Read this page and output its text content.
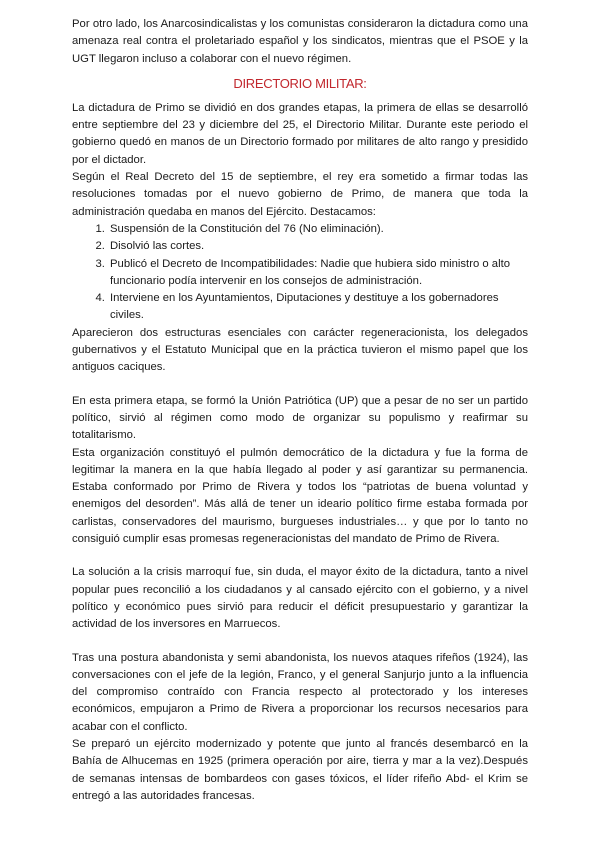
Por otro lado, los Anarcosindicalistas y los comunistas consideraron la dictadura como una amenaza real contra el proletariado español y los sindicatos, mientras que el PSOE y la UGT llegaron incluso a colaborar con el nuevo régimen.

DIRECTORIO MILITAR:

La dictadura de Primo se dividió en dos grandes etapas, la primera de ellas se desarrolló entre septiembre del 23 y diciembre del 25, el Directorio Militar. Durante este periodo el gobierno quedó en manos de un Directorio formado por militares de alto rango y presidido por el dictador.

Según el Real Decreto del 15 de septiembre, el rey era sometido a firmar todas las resoluciones tomadas por el nuevo gobierno de Primo, de manera que toda la administración quedaba en manos del Ejército. Destacamos:

1. Suspensión de la Constitución del 76 (No eliminación).
2. Disolvió las cortes.
3. Publicó el Decreto de Incompatibilidades: Nadie que hubiera sido ministro o alto funcionario podía intervenir en los consejos de administración.
4. Interviene en los Ayuntamientos, Diputaciones y destituye a los gobernadores civiles.

Aparecieron dos estructuras esenciales con carácter regeneracionista, los delegados gubernativos y el Estatuto Municipal que en la práctica tuvieron el mismo papel que los antiguos caciques.

En esta primera etapa, se formó la Unión Patriótica (UP) que a pesar de no ser un partido político, sirvió al régimen como modo de organizar su populismo y reafirmar su totalitarismo.

Esta organización constituyó el pulmón democrático de la dictadura y fue la forma de legitimar la manera en la que había llegado al poder y así garantizar su permanencia. Estaba conformado por Primo de Rivera y todos los “patriotas de buena voluntad y enemigos del desorden”. Más allá de tener un ideario político firme estaba formada por carlistas, conservadores del maurismo, burgueses industriales… y que por lo tanto no consiguió cumplir esas promesas regeneracionistas del mandato de Primo de Rivera.

La solución a la crisis marroquí fue, sin duda, el mayor éxito de la dictadura, tanto a nivel popular pues reconcilió a los ciudadanos y al cansado ejército con el gobierno, y a nivel político y económico pues sirvió para reducir el déficit presupuestario y garantizar la actividad de los inversores en Marruecos.

Tras una postura abandonista y semi abandonista, los nuevos ataques rifeños (1924), las conversaciones con el jefe de la legión, Franco, y el general Sanjurjo junto a la influencia del compromiso contraído con Francia respecto al protectorado y los intereses económicos, empujaron a Primo de Rivera a proporcionar los recursos necesarios para acabar con el conflicto.

Se preparó un ejército modernizado y potente que junto al francés desembarcó en la Bahía de Alhucemas en 1925 (primera operación por aire, tierra y mar a la vez).Después de semanas intensas de bombardeos con gases tóxicos, el líder rifeño Abd- el Krim se entregó a las autoridades francesas.
